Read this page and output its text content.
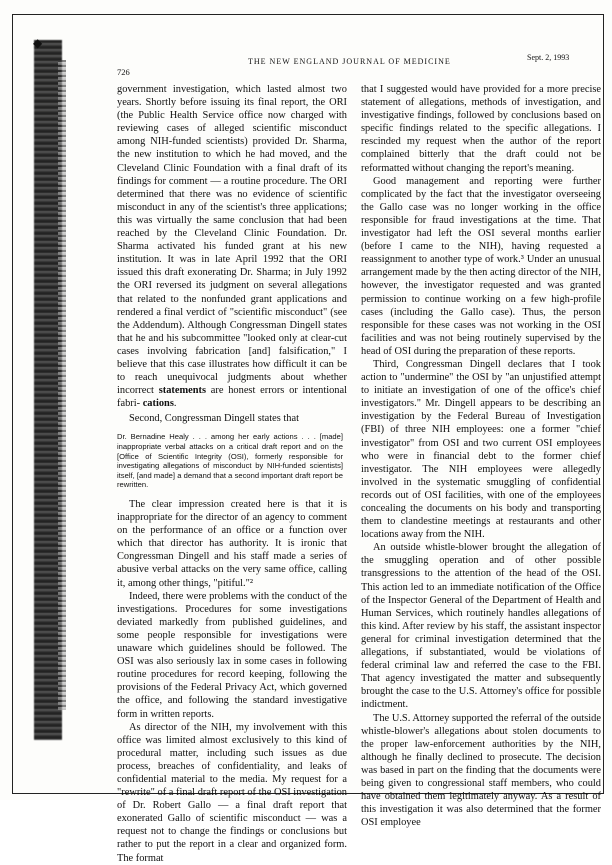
◆
726
THE NEW ENGLAND JOURNAL OF MEDICINE	Sept. 2, 1993

government investigation, which lasted almost two years. Shortly before issuing its final report, the ORI (the Public Health Service office now charged with reviewing cases of alleged scientific misconduct among NIH-funded scientists) provided Dr. Sharma, the new institution to which he had moved, and the Cleveland Clinic Foundation with a final draft of its findings for comment — a routine procedure. The ORI determined that there was no evidence of scientific misconduct in any of the scientist's three applications; this was virtually the same conclusion that had been reached by the Cleveland Clinic Foundation. Dr. Sharma activated his funded grant at his new institution. It was in late April 1992 that the ORI issued this draft exonerating Dr. Sharma; in July 1992 the ORI reversed its judgment on several allegations that related to the nonfunded grant applications and rendered a final verdict of "scientific misconduct" (see the Addendum). Although Congressman Dingell states that he and his subcommittee "looked only at clear-cut cases involving fabrication [and] falsification," I believe that this case illustrates how difficult it can be to reach unequivocal judgments about whether incorrect statements are honest errors or intentional fabri- cations.

Second, Congressman Dingell states that

Dr. Bernadine Healy . . . among her early actions . . . [made] inappropriate verbal attacks on a critical draft report and on the [Office of Scientific Integrity (OSI), formerly responsible for investigating allegations of misconduct by NIH-funded scientists] itself, [and made] a demand that a second important draft report be rewritten.

The clear impression created here is that it is inappropriate for the director of an agency to comment on the performance of an office or a function over which that director has authority. It is ironic that Congressman Dingell and his staff made a series of abusive verbal attacks on the very same office, calling it, among other things, "pitiful."²

Indeed, there were problems with the conduct of the investigations. Procedures for some investigations deviated markedly from published guidelines, and some people responsible for investigations were unaware which guidelines should be followed. The OSI was also seriously lax in some cases in following routine procedures for record keeping, following the provisions of the Federal Privacy Act, which governed the office, and following the standard investigative form in written reports.

As director of the NIH, my involvement with this office was limited almost exclusively to this kind of procedural matter, including such issues as due process, breaches of confidentiality, and leaks of confidential material to the media. My request for a "rewrite" of a final draft report of the OSI investigation of Dr. Robert Gallo — a final draft report that exonerated Gallo of scientific misconduct — was a request not to change the findings or conclusions but rather to put the report in a clear and organized form. The format

that I suggested would have provided for a more precise statement of allegations, methods of investigation, and investigative findings, followed by conclusions based on specific findings related to the specific allegations. I rescinded my request when the author of the report complained bitterly that the draft could not be reformatted without changing the report's meaning.

Good management and reporting were further complicated by the fact that the investigator overseeing the Gallo case was no longer working in the office responsible for fraud investigations at the time. That investigator had left the OSI several months earlier (before I came to the NIH), having requested a reassignment to another type of work.³ Under an unusual arrangement made by the then acting director of the NIH, however, the investigator requested and was granted permission to continue working on a few high-profile cases (including the Gallo case). Thus, the person responsible for these cases was not working in the OSI facilities and was not being routinely supervised by the head of OSI during the preparation of these reports.

Third, Congressman Dingell declares that I took action to "undermine" the OSI by "an unjustified attempt to initiate an investigation of one of the office's chief investigators." Mr. Dingell appears to be describing an investigation by the Federal Bureau of Investigation (FBI) of three NIH employees: one a former "chief investigator" from OSI and two current OSI employees who were in financial debt to the former chief investigator. The NIH employees were allegedly involved in the systematic smuggling of confidential records out of OSI facilities, with one of the employees concealing the documents on his body and transporting them to clandestine meetings at restaurants and other locations away from the NIH.

An outside whistle-blower brought the allegation of the smuggling operation and of other possible transgressions to the attention of the head of the OSI. This action led to an immediate notification of the Office of the Inspector General of the Department of Health and Human Services, which routinely handles allegations of this kind. After review by his staff, the assistant inspector general for criminal investigation determined that the allegations, if substantiated, would be violations of federal criminal law and referred the case to the FBI. That agency investigated the matter and subsequently brought the case to the U.S. Attorney's office for possible indictment.

The U.S. Attorney supported the referral of the outside whistle-blower's allegations about stolen documents to the proper law-enforcement authorities by the NIH, although he finally declined to prosecute. The decision was based in part on the finding that the documents were being given to congressional staff members, who could have obtained them legitimately anyway. As a result of this investigation it was also determined that the former OSI employee
